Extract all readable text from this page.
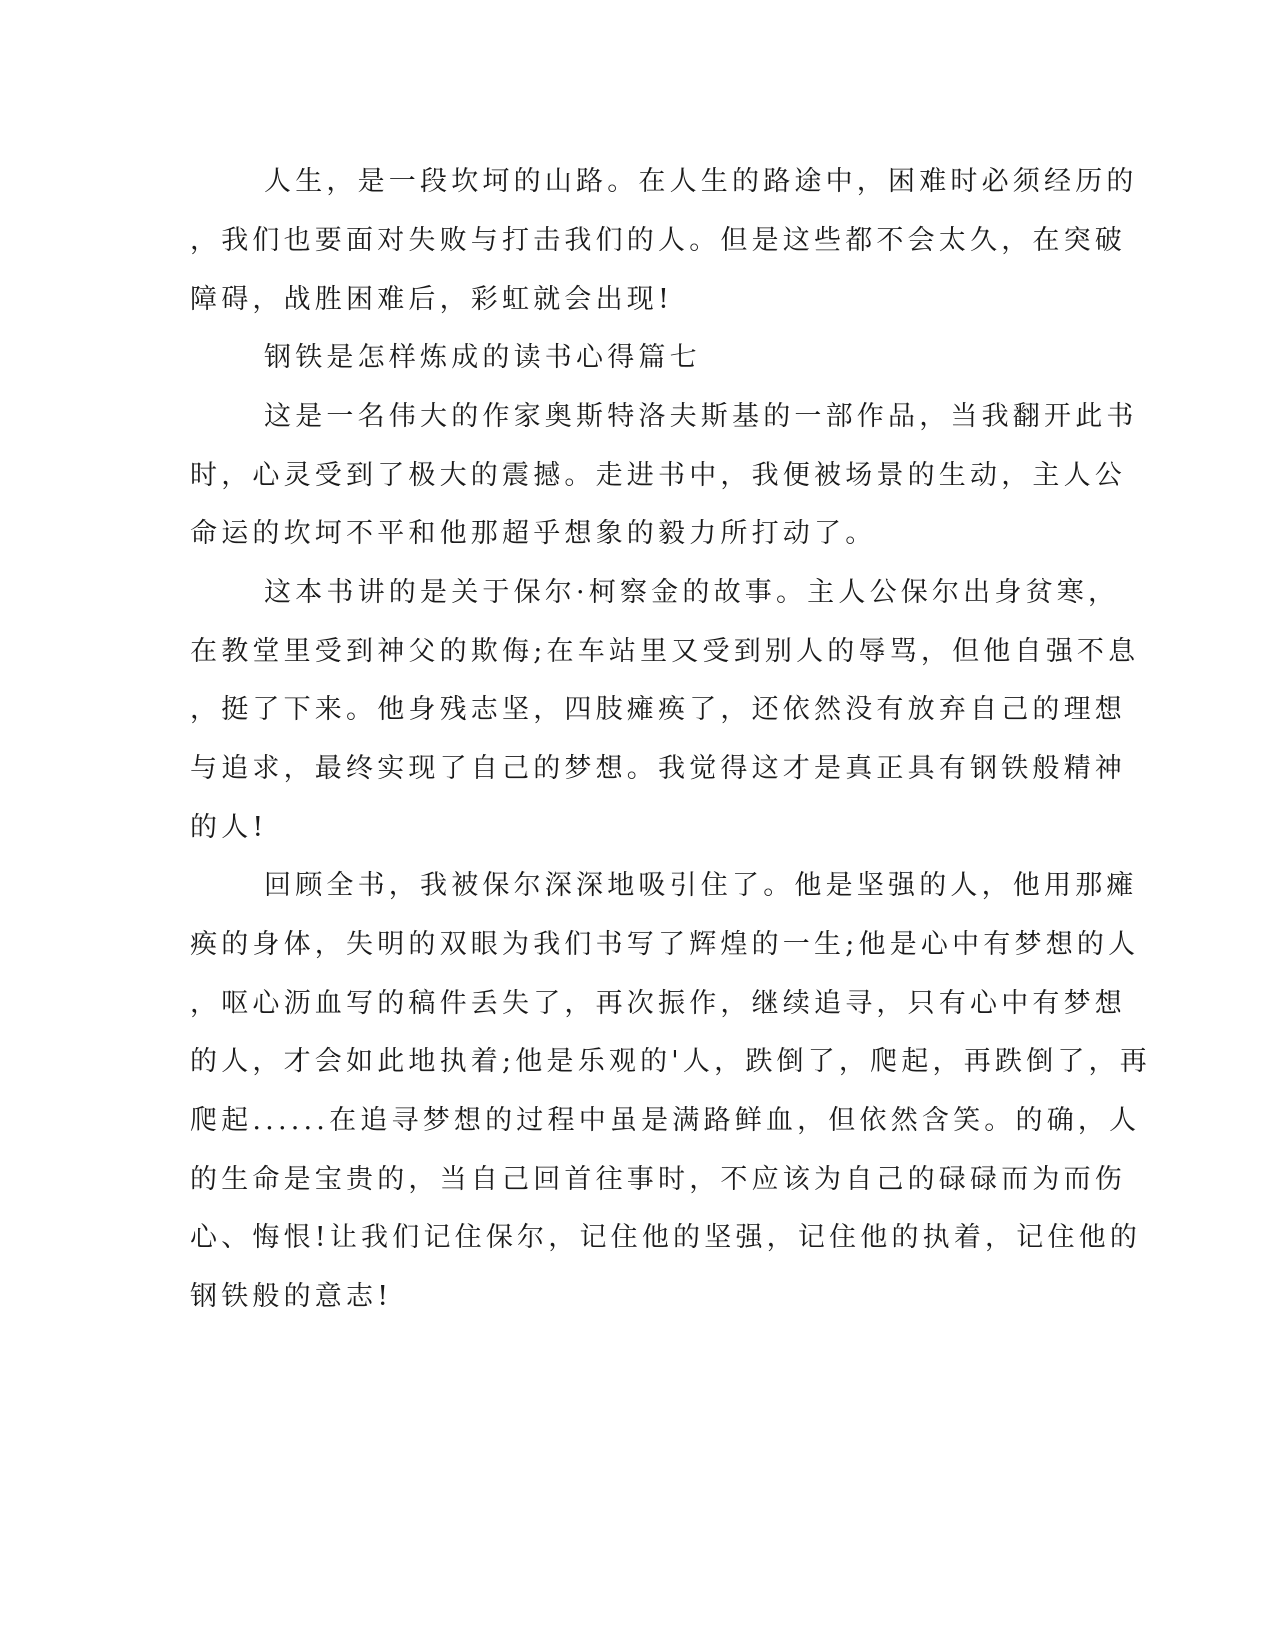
人生，是一段坎坷的山路。在人生的路途中，困难时必须经历的
，我们也要面对失败与打击我们的人。但是这些都不会太久，在突破
障碍，战胜困难后，彩虹就会出现!
钢铁是怎样炼成的读书心得篇七
这是一名伟大的作家奥斯特洛夫斯基的一部作品，当我翻开此书
时，心灵受到了极大的震撼。走进书中，我便被场景的生动，主人公
命运的坎坷不平和他那超乎想象的毅力所打动了。
这本书讲的是关于保尔·柯察金的故事。主人公保尔出身贫寒，
在教堂里受到神父的欺侮;在车站里又受到别人的辱骂，但他自强不息
，挺了下来。他身残志坚，四肢瘫痪了，还依然没有放弃自己的理想
与追求，最终实现了自己的梦想。我觉得这才是真正具有钢铁般精神
的人!
回顾全书，我被保尔深深地吸引住了。他是坚强的人，他用那瘫
痪的身体，失明的双眼为我们书写了辉煌的一生;他是心中有梦想的人
，呕心沥血写的稿件丢失了，再次振作，继续追寻，只有心中有梦想
的人，才会如此地执着;他是乐观的'人，跌倒了，爬起，再跌倒了，再
爬起......在追寻梦想的过程中虽是满路鲜血，但依然含笑。的确，人
的生命是宝贵的，当自己回首往事时，不应该为自己的碌碌而为而伤
心、悔恨!让我们记住保尔，记住他的坚强，记住他的执着，记住他的
钢铁般的意志!
